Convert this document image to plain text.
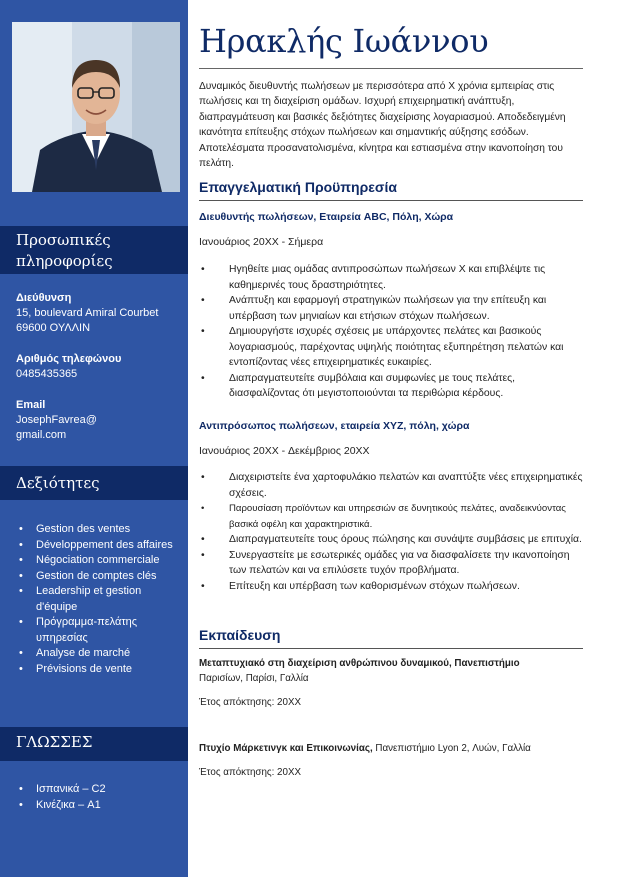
Προσωπικές
πληροφορίες
Διεύθυνση
15, boulevard Amiral Courbet
69600 ΟΥΛΛΙΝ
Αριθμός τηλεφώνου
0485435365
Email
JosephFavrea@
gmail.com
Δεξιότητες
• Gestion des ventes
• Développement des affaires
• Négociation commerciale
• Gestion de comptes clés
• Leadership et gestion d'équipe
• Πρόγραμμα-πελάτης υπηρεσίας
• Analyse de marché
• Prévisions de vente
ΓΛΩΣΣΕΣ
• Ισπανικά – C2
• Κινέζικα – A1
Ηρακλής Ιωάννου
Δυναμικός διευθυντής πωλήσεων με περισσότερα από Χ χρόνια εμπειρίας στις πωλήσεις και τη διαχείριση ομάδων. Ισχυρή επιχειρηματική ανάπτυξη, διαπραγμάτευση και βασικές δεξιότητες διαχείρισης λογαριασμού. Αποδεδειγμένη ικανότητα επίτευξης στόχων πωλήσεων και σημαντικής αύξησης εσόδων. Αποτελέσματα προσανατολισμένα, κίνητρα και εστιασμένα στην ικανοποίηση του πελάτη.
Επαγγελματική Προϋπηρεσία
Διευθυντής πωλήσεων, Εταιρεία ABC, Πόλη, Χώρα
Ιανουάριος 20XX - Σήμερα
• Ηγηθείτε μιας ομάδας αντιπροσώπων πωλήσεων Χ και επιβλέψτε τις καθημερινές τους δραστηριότητες.
• Ανάπτυξη και εφαρμογή στρατηγικών πωλήσεων για την επίτευξη και υπέρβαση των μηνιαίων και ετήσιων στόχων πωλήσεων.
• Δημιουργήστε ισχυρές σχέσεις με υπάρχοντες πελάτες και βασικούς λογαριασμούς, παρέχοντας υψηλής ποιότητας εξυπηρέτηση πελατών και εντοπίζοντας νέες επιχειρηματικές ευκαιρίες.
• Διαπραγματευτείτε συμβόλαια και συμφωνίες με τους πελάτες, διασφαλίζοντας ότι μεγιστοποιούνται τα περιθώρια κέρδους.
Αντιπρόσωπος πωλήσεων, εταιρεία XYZ, πόλη, χώρα
Ιανουάριος 20XX - Δεκέμβριος 20XX
• Διαχειριστείτε ένα χαρτοφυλάκιο πελατών και αναπτύξτε νέες επιχειρηματικές σχέσεις.
•	Παρουσίαση προϊόντων και υπηρεσιών σε δυνητικούς πελάτες, αναδεικνύοντας βασικά οφέλη και χαρακτηριστικά.
• Διαπραγματευτείτε τους όρους πώλησης και συνάψτε συμβάσεις με επιτυχία.
• Συνεργαστείτε με εσωτερικές ομάδες για να διασφαλίσετε την ικανοποίηση των πελατών και να επιλύσετε τυχόν προβλήματα.
• Επίτευξη και υπέρβαση των καθορισμένων στόχων πωλήσεων.
Εκπαίδευση
Μεταπτυχιακό στη διαχείριση ανθρώπινου δυναμικού, Πανεπιστήμιο
Παρισίων, Παρίσι, Γαλλία
Έτος απόκτησης: 20XX
Πτυχίο Μάρκετινγκ και Επικοινωνίας, Πανεπιστήμιο Lyon 2, Λυών, Γαλλία
Έτος απόκτησης: 20XX
